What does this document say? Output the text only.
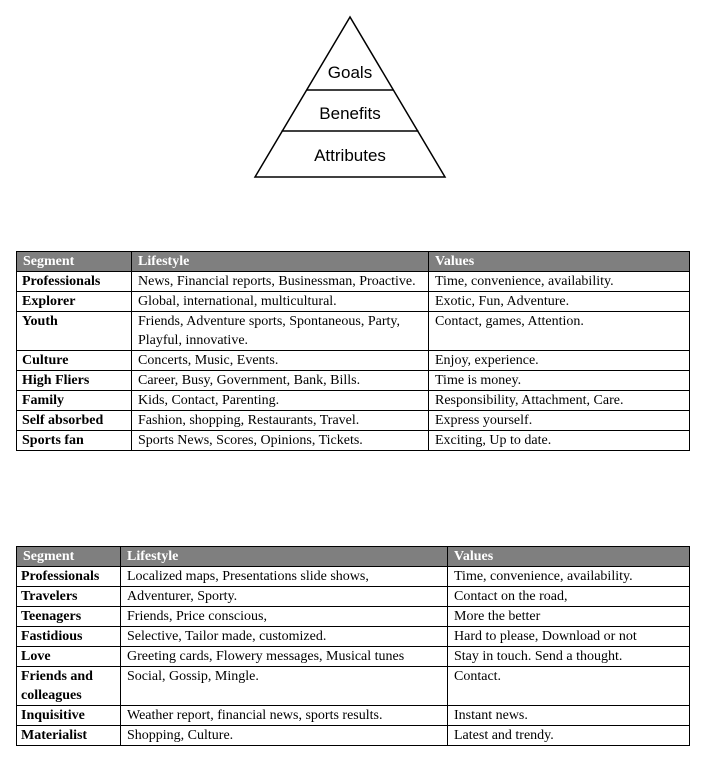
Goals
Benefits
Attributes
Segment	Lifestyle	Values
Professionals	News, Financial reports, Businessman, Proactive.	Time, convenience, availability.
Explorer	Global, international, multicultural.	Exotic, Fun, Adventure.
Youth	Friends, Adventure sports, Spontaneous, Party, Playful, innovative.	Contact, games, Attention.
Culture	Concerts, Music, Events.	Enjoy, experience.
High Fliers	Career, Busy, Government, Bank, Bills.	Time is money.
Family	Kids, Contact, Parenting.	Responsibility, Attachment, Care.
Self absorbed	Fashion, shopping, Restaurants, Travel.	Express yourself.
Sports fan	Sports News, Scores, Opinions, Tickets.	Exciting, Up to date.
Segment	Lifestyle	Values
Professionals	Localized maps, Presentations slide shows,	Time, convenience, availability.
Travelers	Adventurer, Sporty.	Contact on the road,
Teenagers	Friends, Price conscious,	More the better
Fastidious	Selective, Tailor made, customized.	Hard to please, Download or not
Love	Greeting cards, Flowery messages, Musical tunes	Stay in touch. Send a thought.
Friends and colleagues	Social, Gossip, Mingle.	Contact.
Inquisitive	Weather report, financial news, sports results.	Instant news.
Materialist	Shopping, Culture.	Latest and trendy.
